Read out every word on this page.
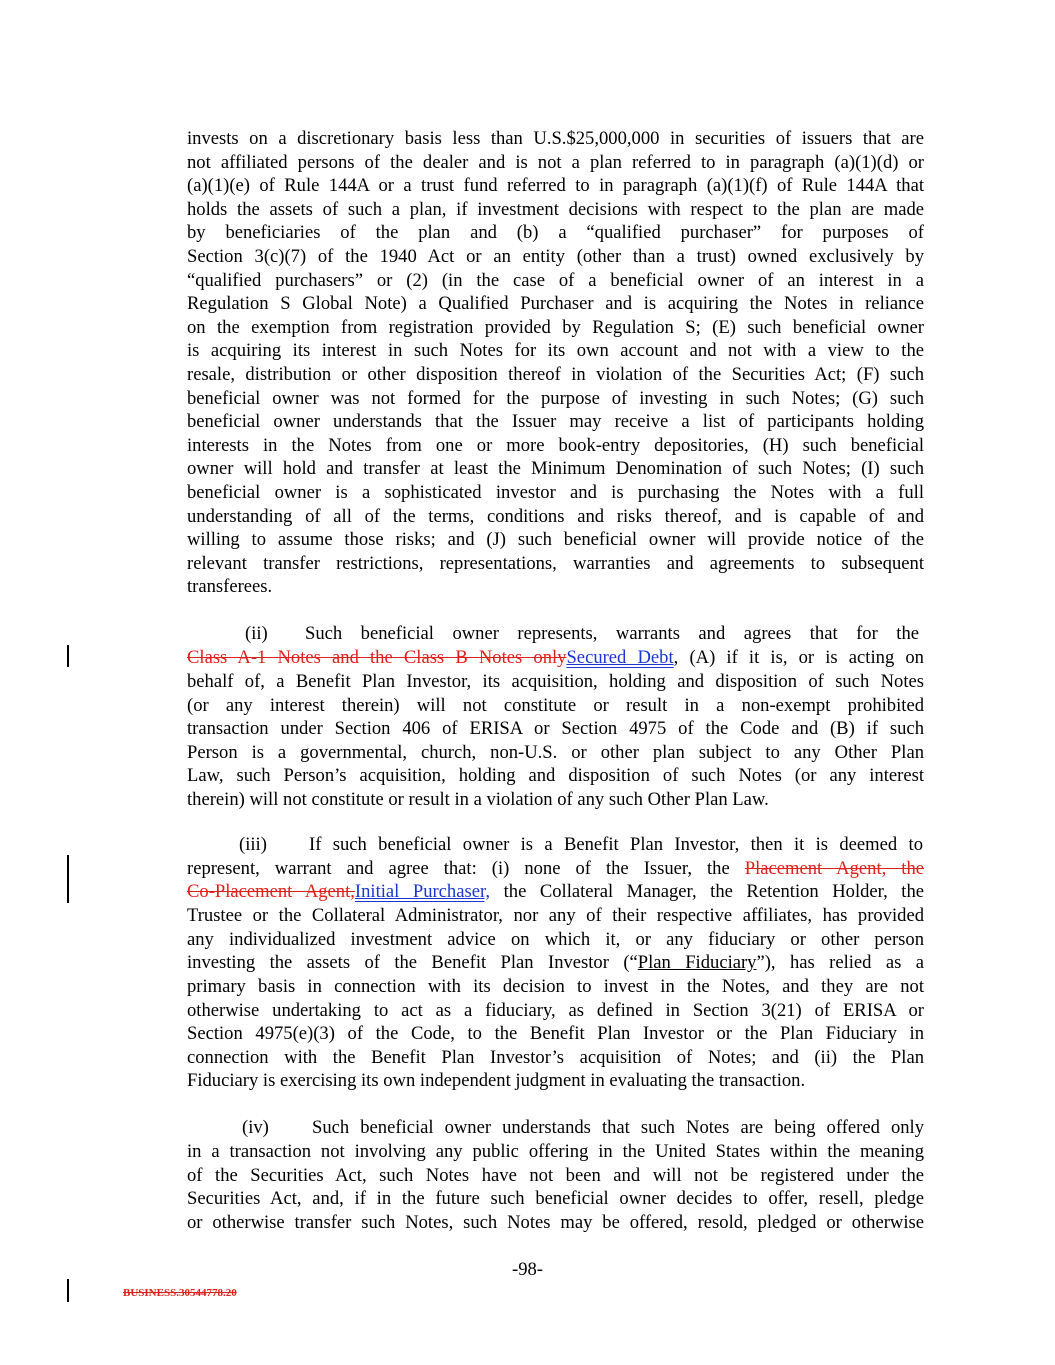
invests on a discretionary basis less than U.S.$25,000,000 in securities of issuers that are
not affiliated persons of the dealer and is not a plan referred to in paragraph (a)(1)(d) or
(a)(1)(e) of Rule 144A or a trust fund referred to in paragraph (a)(1)(f) of Rule 144A that
holds the assets of such a plan, if investment decisions with respect to the plan are made
by beneficiaries of the plan and (b) a “qualified purchaser” for purposes of
Section 3(c)(7) of the 1940 Act or an entity (other than a trust) owned exclusively by
“qualified purchasers” or (2) (in the case of a beneficial owner of an interest in a
Regulation S Global Note) a Qualified Purchaser and is acquiring the Notes in reliance
on the exemption from registration provided by Regulation S; (E) such beneficial owner
is acquiring its interest in such Notes for its own account and not with a view to the
resale, distribution or other disposition thereof in violation of the Securities Act; (F) such
beneficial owner was not formed for the purpose of investing in such Notes; (G) such
beneficial owner understands that the Issuer may receive a list of participants holding
interests in the Notes from one or more book-entry depositories, (H) such beneficial
owner will hold and transfer at least the Minimum Denomination of such Notes; (I) such
beneficial owner is a sophisticated investor and is purchasing the Notes with a full
understanding of all of the terms, conditions and risks thereof, and is capable of and
willing to assume those risks; and (J) such beneficial owner will provide notice of the
relevant transfer restrictions, representations, warranties and agreements to subsequent
transferees.
(ii) Such beneficial owner represents, warrants and agrees that for the
Class A-1 Notes and the Class B Notes onlySecured Debt, (A) if it is, or is acting on
behalf of, a Benefit Plan Investor, its acquisition, holding and disposition of such Notes
(or any interest therein) will not constitute or result in a non-exempt prohibited
transaction under Section 406 of ERISA or Section 4975 of the Code and (B) if such
Person is a governmental, church, non-U.S. or other plan subject to any Other Plan
Law, such Person’s acquisition, holding and disposition of such Notes (or any interest
therein) will not constitute or result in a violation of any such Other Plan Law.
(iii) If such beneficial owner is a Benefit Plan Investor, then it is deemed to
represent, warrant and agree that: (i) none of the Issuer, the Placement Agent, the
Co-Placement Agent,Initial Purchaser, the Collateral Manager, the Retention Holder, the
Trustee or the Collateral Administrator, nor any of their respective affiliates, has provided
any individualized investment advice on which it, or any fiduciary or other person
investing the assets of the Benefit Plan Investor (“Plan Fiduciary”), has relied as a
primary basis in connection with its decision to invest in the Notes, and they are not
otherwise undertaking to act as a fiduciary, as defined in Section 3(21) of ERISA or
Section 4975(e)(3) of the Code, to the Benefit Plan Investor or the Plan Fiduciary in
connection with the Benefit Plan Investor’s acquisition of Notes; and (ii) the Plan
Fiduciary is exercising its own independent judgment in evaluating the transaction.
(iv) Such beneficial owner understands that such Notes are being offered only
in a transaction not involving any public offering in the United States within the meaning
of the Securities Act, such Notes have not been and will not be registered under the
Securities Act, and, if in the future such beneficial owner decides to offer, resell, pledge
or otherwise transfer such Notes, such Notes may be offered, resold, pledged or otherwise
-98-
BUSINESS.30544778.20
